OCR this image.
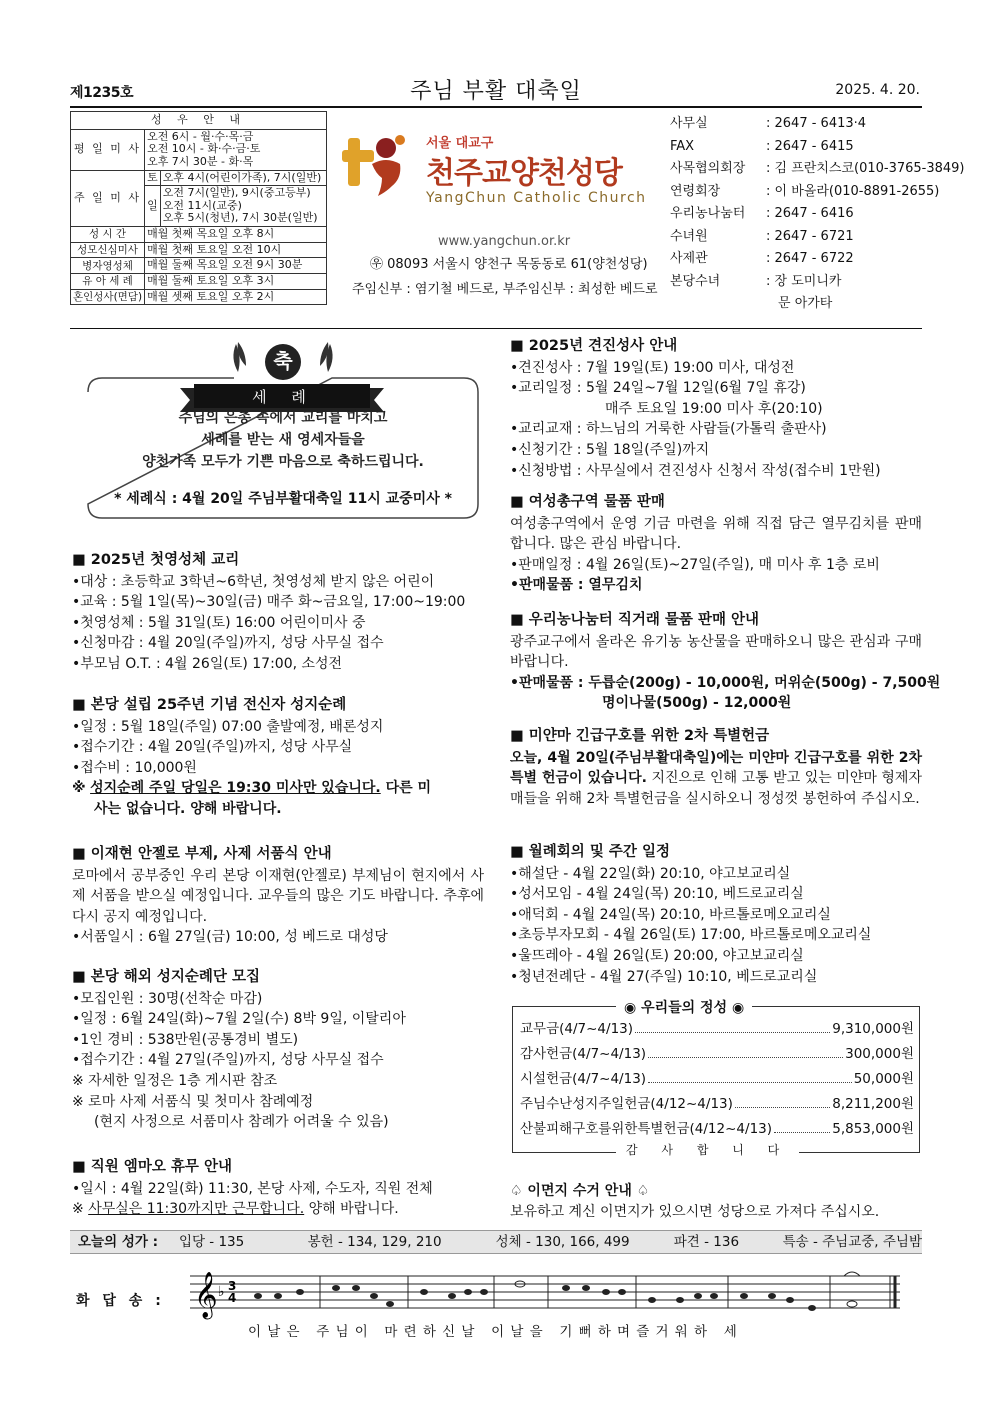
제1235호	주님 부활 대축일	2025. 4. 20.
성 우 안 내		
평 일 미 사	오전 6시 - 월·수·목·금
오전 10시 - 화·수·금·토
오후 7시 30분 - 화·목	

주 일 미 사	토	오후 4시(어린이가족), 7시(일반)
	일	오전 7시(일반), 9시(중고등부)
오전 11시(교중)
오후 5시(청년), 7시 30분(일반)

성 시 간	매월 첫째 목요일 오후 8시	
성모신심미사	매월 첫째 토요일 오전 10시	
병자영성체	매월 둘째 목요일 오전 9시 30분	
유 아 세 례	매월 둘째 토요일 오후 3시	
혼인성사(면담)	매월 셋째 토요일 오후 2시	
서울 대교구
천주교양천성당
YangChun Catholic Church
www.yangchun.or.kr
㉾ 08093 서울시 양천구 목동동로 61(양천성당)
주임신부 : 염기철 베드로, 부주임신부 : 최성한 베드로
사무실	: 2647 - 6413·4
FAX	: 2647 - 6415
사목협의회장	: 김 프란치스코(010-3765-3849)
연령회장	: 이 바올라(010-8891-2655)
우리농나눔터	: 2647 - 6416
수녀원	: 2647 - 6721
사제관	: 2647 - 6722
본당수녀	: 장 도미니카
문 아가타
축
세 례
주님의 은총 속에서 교리를 마치고
세례를 받는 새 영세자들을
양천가족 모두가 기쁜 마음으로 축하드립니다.
* 세례식 : 4월 20일 주님부활대축일 11시 교중미사 *
■ 2025년 첫영성체 교리

•대상 : 초등학교 3학년~6학년, 첫영성체 받지 않은 어린이

•교육 : 5월 1일(목)~30일(금) 매주 화~금요일, 17:00~19:00

•첫영성체 : 5월 31일(토) 16:00 어린이미사 중

•신청마감 : 4월 20일(주일)까지, 성당 사무실 접수

•부모님 O.T. : 4월 26일(토) 17:00, 소성전

■ 본당 설립 25주년 기념 전신자 성지순례

•일정 : 5월 18일(주일) 07:00 출발예정, 배론성지

•접수기간 : 4월 20일(주일)까지, 성당 사무실

•접수비 : 10,000원

※ 성지순례 주일 당일은 19:30 미사만 있습니다. 다른 미

사는 없습니다. 양해 바랍니다.

■ 이재현 안젤로 부제, 사제 서품식 안내

로마에서 공부중인 우리 본당 이재현(안젤로) 부제님이 현지에서 사제 서품을 받으실 예정입니다. 교우들의 많은 기도 바랍니다. 추후에 다시 공지 예정입니다.

•서품일시 : 6월 27일(금) 10:00, 성 베드로 대성당

■ 본당 해외 성지순례단 모집

•모집인원 : 30명(선착순 마감)

•일정 : 6월 24일(화)~7월 2일(수) 8박 9일, 이탈리아

•1인 경비 : 538만원(공통경비 별도)

•접수기간 : 4월 27일(주일)까지, 성당 사무실 접수

※ 자세한 일정은 1층 게시판 참조

※ 로마 사제 서품식 및 첫미사 참례예정

(현지 사정으로 서품미사 참례가 어려울 수 있음)

■ 직원 엠마오 휴무 안내

•일시 : 4월 22일(화) 11:30, 본당 사제, 수도자, 직원 전체

※ 사무실은 11:30까지만 근무합니다. 양해 바랍니다.

■ 2025년 견진성사 안내

•견진성사 : 7월 19일(토) 19:00 미사, 대성전

•교리일정 : 5월 24일~7월 12일(6월 7일 휴강)

매주 토요일 19:00 미사 후(20:10)

•교리교재 : 하느님의 거룩한 사람들(가톨릭 출판사)

•신청기간 : 5월 18일(주일)까지

•신청방법 : 사무실에서 견진성사 신청서 작성(접수비 1만원)

■ 여성총구역 물품 판매

여성총구역에서 운영 기금 마련을 위해 직접 담근 열무김치를 판매합니다. 많은 관심 바랍니다.

•판매일정 : 4월 26일(토)~27일(주일), 매 미사 후 1층 로비

•판매물품 : 열무김치

■ 우리농나눔터 직거래 물품 판매 안내

광주교구에서 올라온 유기농 농산물을 판매하오니 많은 관심과 구매 바랍니다.

•판매물품 : 두릅순(200g) - 10,000원, 머위순(500g) - 7,500원

명이나물(500g) - 12,000원

■ 미얀마 긴급구호를 위한 2차 특별헌금

오늘, 4월 20일(주님부활대축일)에는 미얀마 긴급구호를 위한 2차 특별 헌금이 있습니다. 지진으로 인해 고통 받고 있는 미얀마 형제자매들을 위해 2차 특별헌금을 실시하오니 정성껏 봉헌하여 주십시오.

■ 월례회의 및 주간 일정

•해설단 - 4월 22일(화) 20:10, 야고보교리실

•성서모임 - 4월 24일(목) 20:10, 베드로교리실

•애덕회 - 4월 24일(목) 20:10, 바르톨로메오교리실

•초등부자모회 - 4월 26일(토) 17:00, 바르톨로메오교리실

•울뜨레아 - 4월 26일(토) 20:00, 야고보교리실

•청년전례단 - 4월 27(주일) 10:10, 베드로교리실

◉ 우리들의 정성 ◉
교무금(4/7~4/13)	9,310,000원
감사헌금(4/7~4/13)	300,000원
시설헌금(4/7~4/13)	50,000원
주님수난성지주일헌금(4/12~4/13)	8,211,200원
산불피해구호를위한특별헌금(4/12~4/13)	5,853,000원
감 사 합 니 다

♤ 이면지 수거 안내 ♤

보유하고 계신 이면지가 있으시면 성당으로 가져다 주십시오.

오늘의 성가 :	입당 - 135	봉헌 - 134, 129, 210	성체 - 130, 166, 499	파견 - 136	특송 - 주님교중, 주님밤
화 답 송 : 𝄞 ♭ 3
4
이날은 주님이 마련하신날 이날을 기뻐하며즐거워하 세
